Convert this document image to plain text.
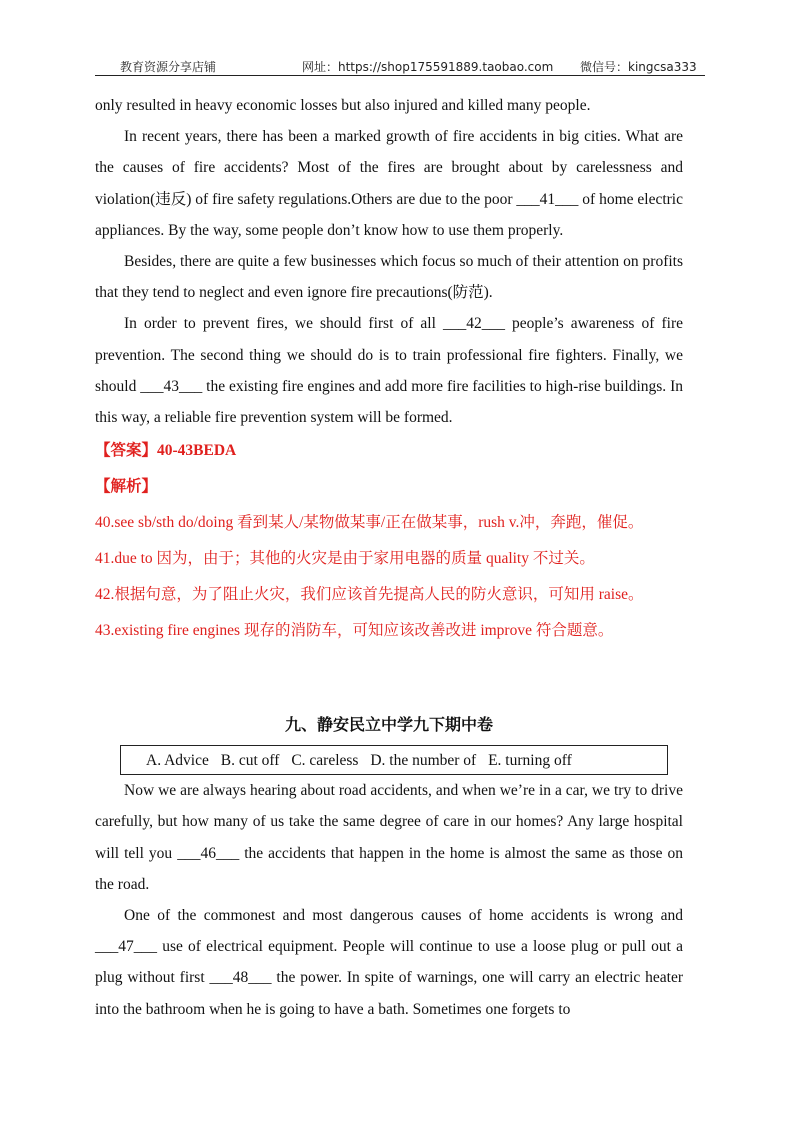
教育资源分享店铺	网址：https://shop175591889.taobao.com 微信号：kingcsa333

only resulted in heavy economic losses but also injured and killed many people.

In recent years, there has been a marked growth of fire accidents in big cities. What are the causes of fire accidents? Most of the fires are brought about by carelessness and violation(违反) of fire safety regulations.Others are due to the poor ___41___ of home electric appliances. By the way, some people don’t know how to use them properly.

Besides, there are quite a few businesses which focus so much of their attention on profits that they tend to neglect and even ignore fire precautions(防范).

In order to prevent fires, we should first of all ___42___ people’s awareness of fire prevention. The second thing we should do is to train professional fire fighters. Finally, we should ___43___ the existing fire engines and add more fire facilities to high-rise buildings. In this way, a reliable fire prevention system will be formed.

【答案】40-43BEDA

【解析】

40.see sb/sth do/doing 看到某人/某物做某事/正在做某事，rush v.冲，奔跑，催促。

41.due to 因为，由于；其他的火灾是由于家用电器的质量 quality 不过关。

42.根据句意，为了阻止火灾，我们应该首先提高人民的防火意识，可知用 raise。

43.existing fire engines 现存的消防车，可知应该改善改进 improve 符合题意。

九、静安民立中学九下期中卷

A. Advice B. cut off C. careless D. the number of E. turning off

Now we are always hearing about road accidents, and when we’re in a car, we try to drive carefully, but how many of us take the same degree of care in our homes? Any large hospital will tell you ___46___ the accidents that happen in the home is almost the same as those on the road.

One of the commonest and most dangerous causes of home accidents is wrong and ___47___ use of electrical equipment. People will continue to use a loose plug or pull out a plug without first ___48___ the power. In spite of warnings, one will carry an electric heater into the bathroom when he is going to have a bath. Sometimes one forgets to
